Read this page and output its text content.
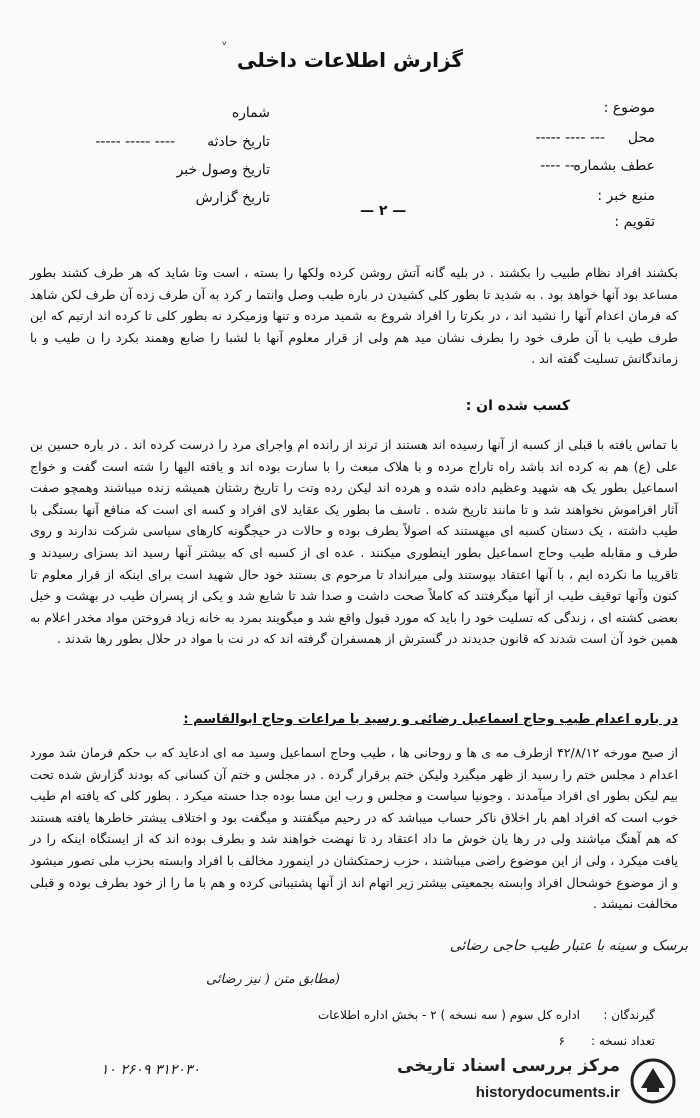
ᵛ
گزارش اطلاعات داخلی
موضوع :
محل
--- ---- -----
عطف بشماره
--- ----
منبع خبر :
تقویم :
شماره
تاریخ حادثه
---- ----- -----
تاریخ وصول خبر
تاریخ گزارش
— ۲ —
بکشند افراد نظام طبیب را بکشند . در بلیه گانه آتش روشن کرده ولکها را بسته ، است وتا شاید که هر طرف کشند بطور مساعد بود آنها خواهد بود . به شدید تا بطور کلی کشیدن در باره طیب وصل وانتما ر کرد به آن طرف زده آن طرف لکن شاهد که فرمان اعدام آنها را نشید اند ، در بکرتا را افراد شروع به شمید مرده و تنها وزمیکرد نه بطور کلی تا کرده اند ارتیم که این طرف طیب با آن طرف خود را بطرف نشان مید هم ولی از قرار معلوم آنها با لشبا را ضابع وهمند بکرد را ن طیب و با زماندگانش تسلیت گفته اند .
کسب شده ان :
با تماس یافته با قبلی از کسبه از آنها رسیده اند هستند از ترند از رانده ام واجرای مرد را درست کرده اند . در باره حسین بن علی (ع) هم به کرده اند باشد راه تاراج مرده و با هلاک مبعث را با سارت بوده اند و یافته الیها را شته است گفت و خواج اسماعیل بطور یک هه شهید وعظیم داده شده و هرده اند لیکن رده وتت را تاریخ رشتان همیشه زنده میباشند وهمچو صفت آثار افراموش نخواهند شد و تا مانند تاریخ شده . تاسف ما بطور یک عقاید لای افراد و کسه ای است که منافع آنها بستگی با طیب داشته ، یک دستان کسبه ای میهستند که اصولاً بطرف بوده و حالات در حیجگونه کارهای سیاسی شرکت ندارند و روی طرف و مقابله طیب وحاج اسماعیل بطور اینطوری میکنند . عده ای از کسبه ای که بیشتر آنها رسید اند بسزای رسیدند و تاقریبا ما نکرده ایم ، با آنها اعتقاد بپوستند ولی میرانداد تا مرحوم ی بستند خود حال شهید است برای اینکه از قرار معلوم تا کنون وآنها توقیف طیب از آنها میگرفتند که کاملاً صحت داشت و صدا شد تا شایع شد و یکی از پسران طیب در بهشت و خیل بعضی کشته ای ، زندگی که تسلیت خود را باید که مورد قبول واقع شد و میگویند بمرد به خانه زیاد فروختن مواد مخدر اعلام به همین خود آن است شدند که قانون جدیدند در گسترش از همسفران گرفته اند که در نت با مواد در حلال بطور رها شدند .
در باره اعدام طیب وحاج اسماعیل رضائی و رسید با مراعات وحاج ابوالقاسم :
از صبح مورخه ۴۲/۸/۱۲ ازطرف مه ی ها و روحانی ها ، طیب وحاج اسماعیل وسید مه ای ادعاید که ب حکم فرمان شد مورد اعدام د مجلس ختم را رسید از ظهر میگیرد ولیکن ختم برقرار گرده . در مجلس و ختم آن کسانی که بودند گزارش شده تحت بیم لیکن بطور ای افراد میآمدند . وجونیا سیاست و مجلس و رب این مسا بوده جدا حسته میکرد . بطور کلی که یافته ام طیب خوب است که افراد اهم بار اخلاق ناکر حساب میباشد که در رحیم میگفتند و میگفت بود و اختلاف یبشتر خاطرها یافته هستند که هم آهنگ میاشند ولی در رها یان خوش ما داد اعتقاد رد تا نهضت خواهند شد و بطرف بوده اند که از ایستگاه اینکه را در یافت میکرد ، ولی از این موضوع راضی میباشند ، حزب زحمتکشان در اینمورد مخالف با افراد وابسته بحزب ملی تصور میشود و از موضوع خوشحال افراد وابسته بجمعیتی بیشتر زیر اتهام اند از آنها پشتیبانی کرده و هم با ما را از خود بطرف بوده و قبلی مخالفت نمیشد .
برسک و سینه با عتبار طیب حاجی رضائی
(مطابق متن ( نیز رضائی
گیرندگان :
اداره کل سوم ( سه نسخه ) ۲ - بخش اداره اطلاعات
تعداد نسخه :
۶
۳۱۲۰۳۰ ۲۶۰۹ ۱۰	مرکز بررسی اسناد تاریخی
historydocuments.ir
